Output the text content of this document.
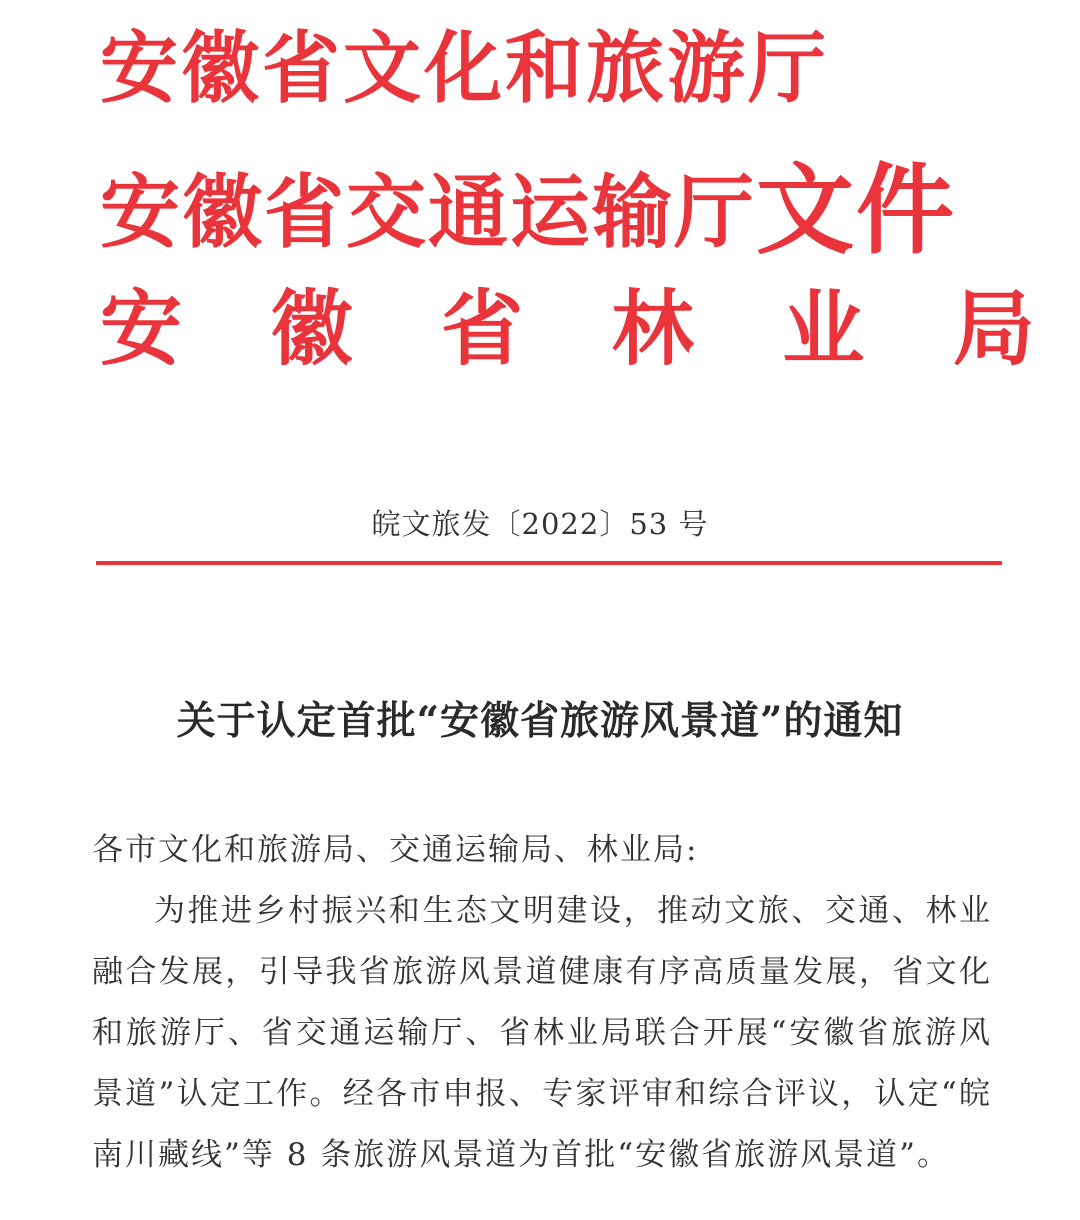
安徽省文化和旅游厅
安徽省交通运输厅文件
安 徽 省 林 业 局
皖文旅发〔2022〕53 号
关于认定首批“安徽省旅游风景道”的通知

各市文化和旅游局、交通运输局、林业局:

为推进乡村振兴和生态文明建设，推动文旅、交通、林业融合发展，引导我省旅游风景道健康有序高质量发展，省文化和旅游厅、省交通运输厅、省林业局联合开展“安徽省旅游风景道”认定工作。经各市申报、专家评审和综合评议，认定“皖南川藏线”等 8 条旅游风景道为首批“安徽省旅游风景道”。
